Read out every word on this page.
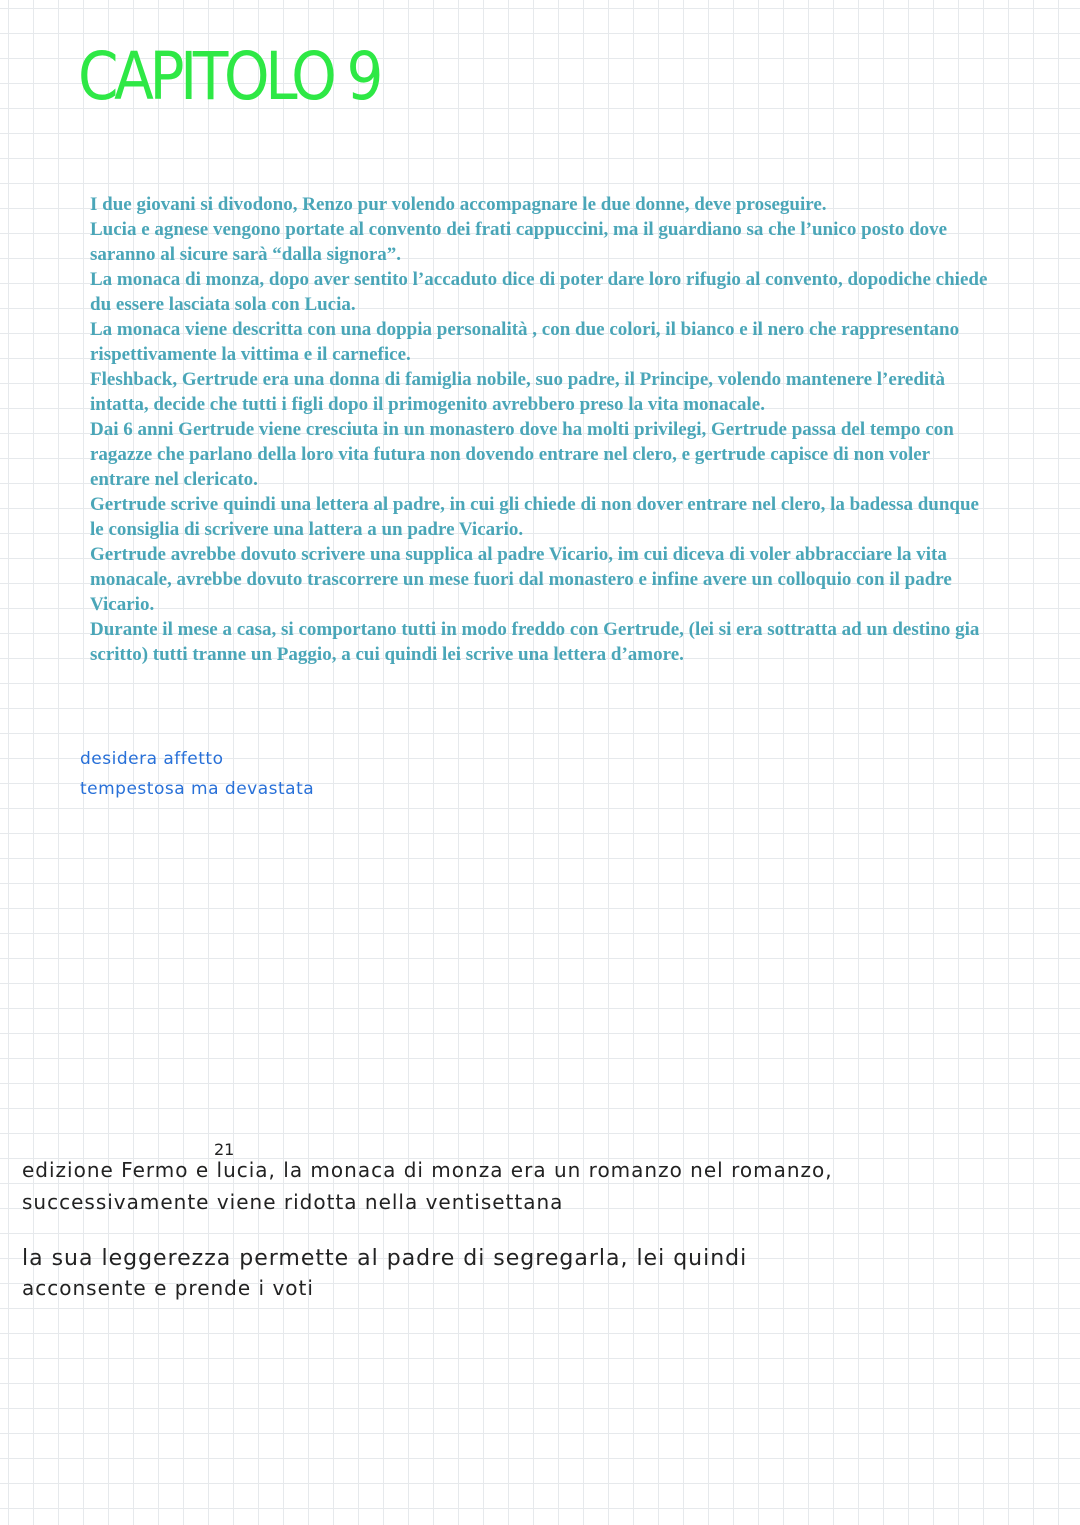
CAPITOLO 9

I due giovani si divodono, Renzo pur volendo accompagnare le due donne, deve proseguire.

Lucia e agnese vengono portate al convento dei frati cappuccini, ma il guardiano sa che l’unico posto dove saranno al sicure sarà “dalla signora”.

La monaca di monza, dopo aver sentito l’accaduto dice di poter dare loro rifugio al convento, dopodiche chiede du essere lasciata sola con Lucia.

La monaca viene descritta con una doppia personalità , con due colori, il bianco e il nero che rappresentano rispettivamente la vittima e il carnefice.

Fleshback, Gertrude era una donna di famiglia nobile, suo padre, il Principe, volendo mantenere l’eredità intatta, decide che tutti i figli dopo il primogenito avrebbero preso la vita monacale.

Dai 6 anni Gertrude viene cresciuta in un monastero dove ha molti privilegi, Gertrude passa del tempo con ragazze che parlano della loro vita futura non dovendo entrare nel clero, e gertrude capisce di non voler entrare nel clericato.

Gertrude scrive quindi una lettera al padre, in cui gli chiede di non dover entrare nel clero, la badessa dunque le consiglia di scrivere una lattera a un padre Vicario.

Gertrude avrebbe dovuto scrivere una supplica al padre Vicario, im cui diceva di voler abbracciare la vita monacale, avrebbe dovuto trascorrere un mese fuori dal monastero e infine avere un colloquio con il padre Vicario.

Durante il mese a casa, si comportano tutti in modo freddo con Gertrude, (lei si era sottratta ad un destino gia scritto) tutti tranne un Paggio, a cui quindi lei scrive una lettera d’amore.

desidera affetto
tempestosa ma devastata
21
edizione Fermo e lucia, la monaca di monza era un romanzo nel romanzo,
successivamente viene ridotta nella ventisettana
la sua leggerezza permette al padre di segregarla, lei quindi
acconsente e prende i voti
